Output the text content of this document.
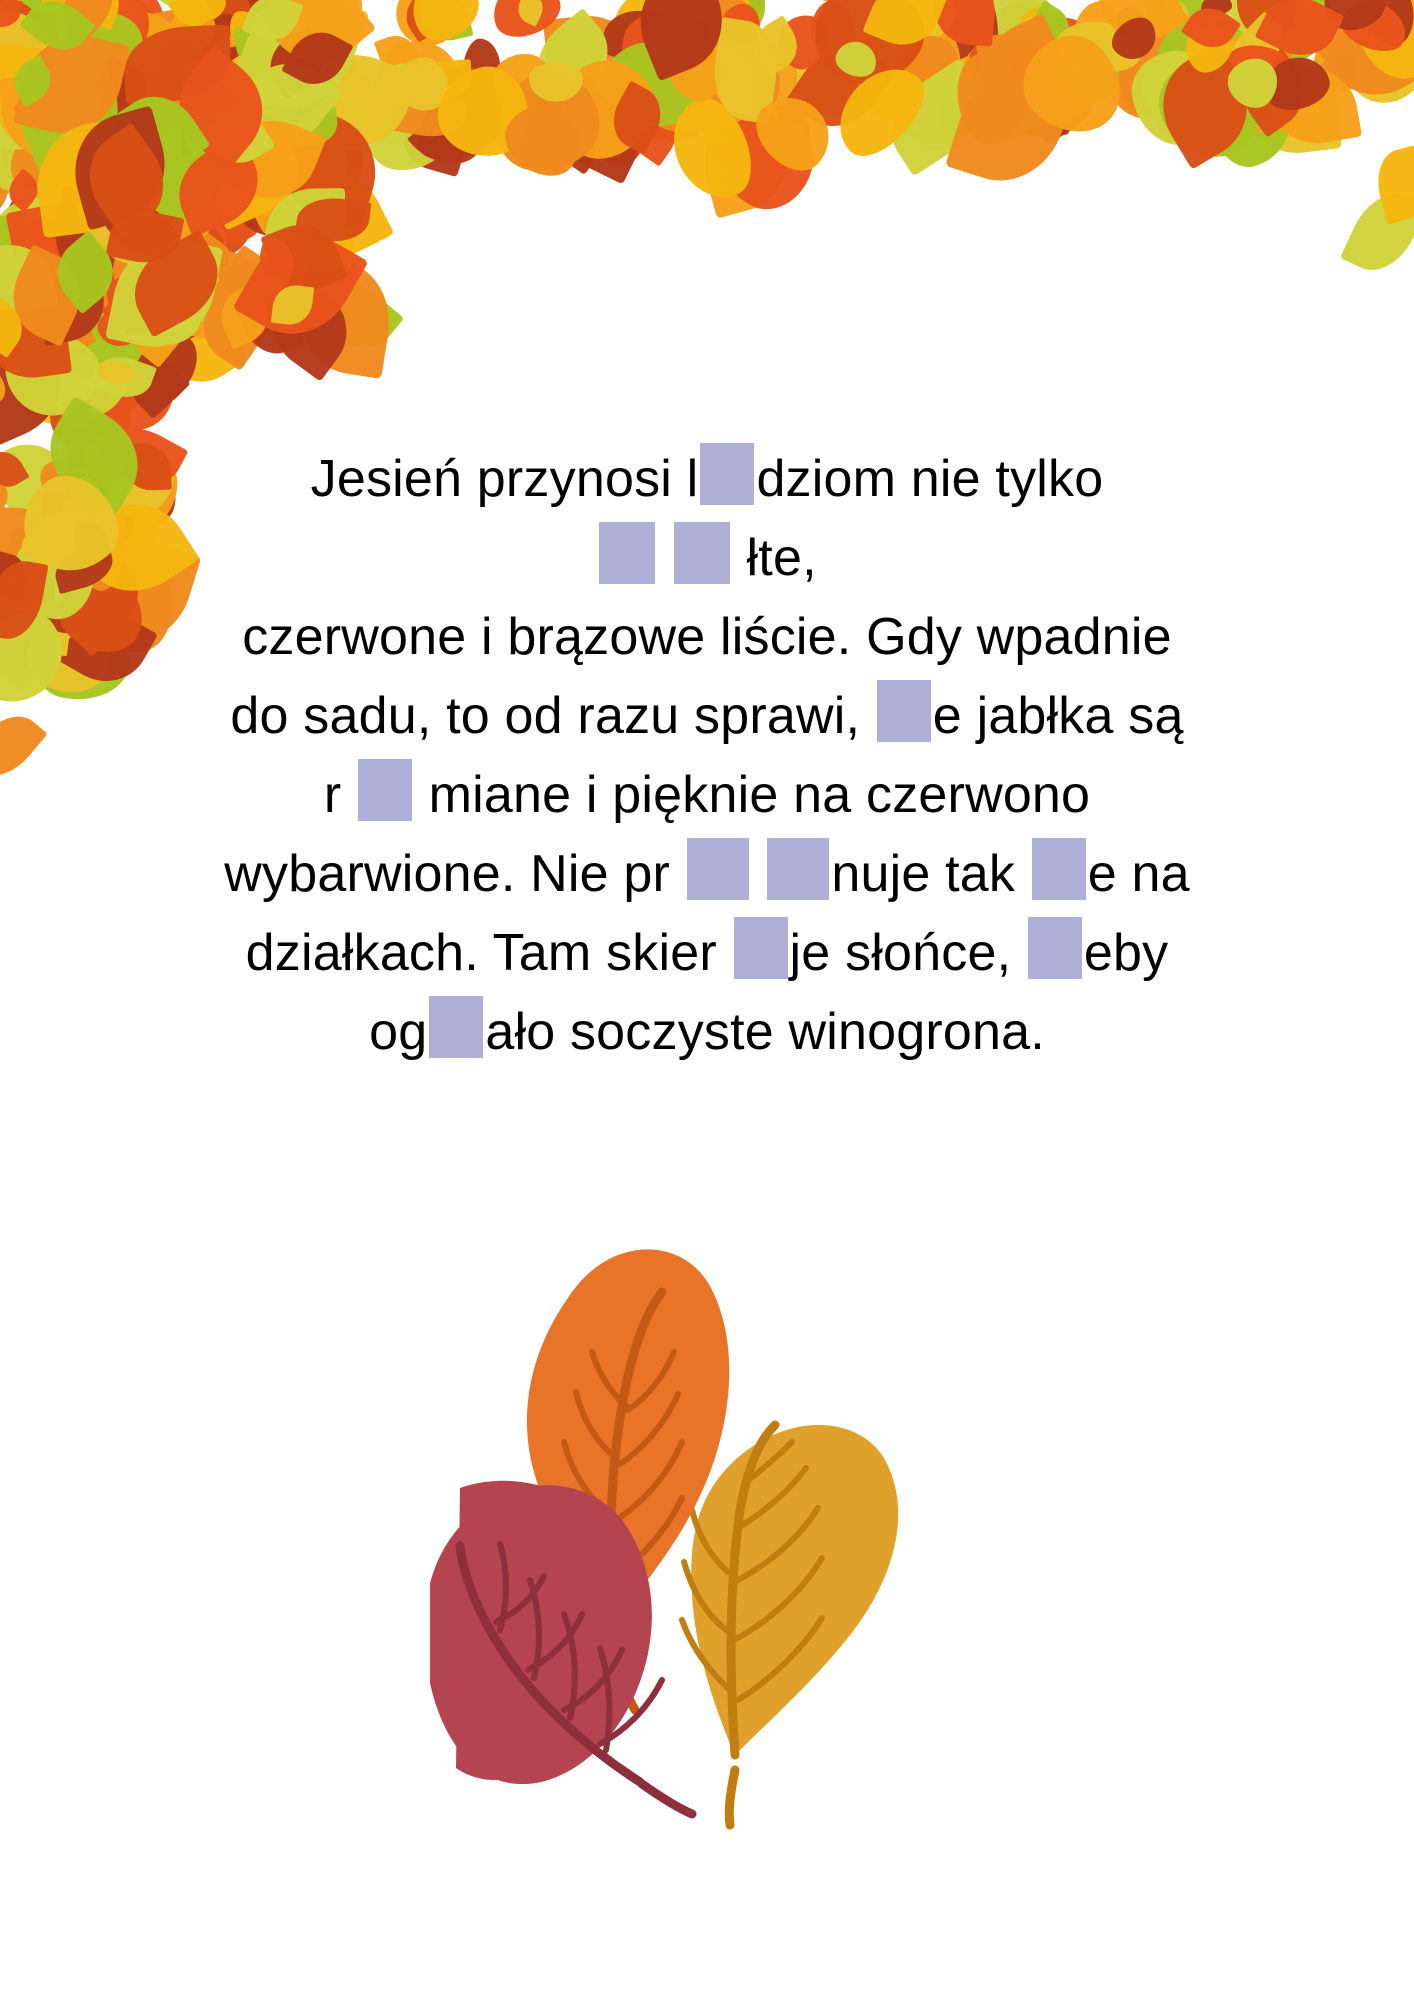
Jesień przynosi l dziom nie tylko
łte,
czerwone i brązowe liście. Gdy wpadnie
do sadu, to od razu sprawi, e jabłka są
r  miane i pięknie na czerwono
wybarwione. Nie pr	nuje tak e na
działkach. Tam skier je słońce, eby
og ało soczyste winogrona.
